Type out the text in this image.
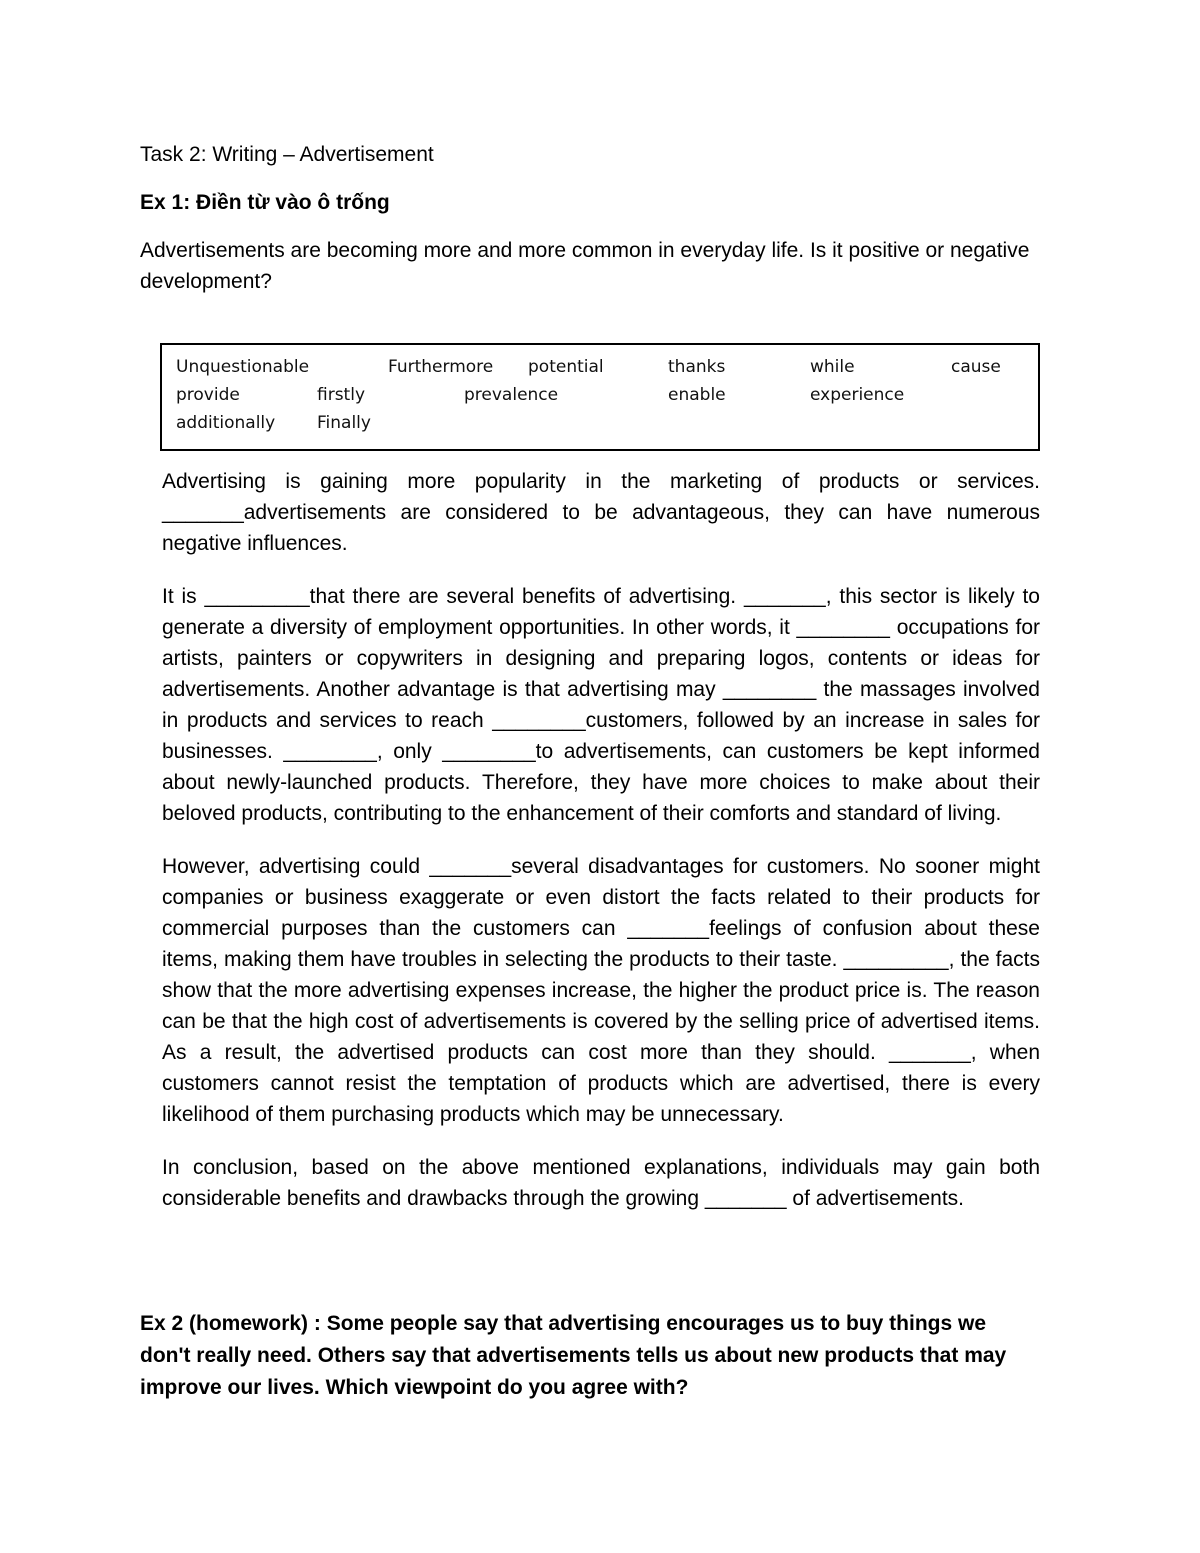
Task 2: Writing – Advertisement
Ex 1: Điền từ vào ô trống
Advertisements are becoming more and more common in everyday life. Is it positive or negative development?
Unquestionable	Furthermore potential	thanks	while	cause
provide	firstly	prevalence	enable	experience
additionally Finally

Advertising is gaining more popularity in the marketing of products or services. _______advertisements are considered to be advantageous, they can have numerous negative influences.

It is _________that there are several benefits of advertising. _______, this sector is likely to generate a diversity of employment opportunities. In other words, it ________ occupations for artists, painters or copywriters in designing and preparing logos, contents or ideas for advertisements. Another advantage is that advertising may ________ the massages involved in products and services to reach ________customers, followed by an increase in sales for businesses. ________, only ________to advertisements, can customers be kept informed about newly-launched products. Therefore, they have more choices to make about their beloved products, contributing to the enhancement of their comforts and standard of living.

However, advertising could _______several disadvantages for customers. No sooner might companies or business exaggerate or even distort the facts related to their products for commercial purposes than the customers can _______feelings of confusion about these items, making them have troubles in selecting the products to their taste. _________, the facts show that the more advertising expenses increase, the higher the product price is. The reason can be that the high cost of advertisements is covered by the selling price of advertised items. As a result, the advertised products can cost more than they should. _______, when customers cannot resist the temptation of products which are advertised, there is every likelihood of them purchasing products which may be unnecessary.

In conclusion, based on the above mentioned explanations, individuals may gain both considerable benefits and drawbacks through the growing _______ of advertisements.

Ex 2 (homework) : Some people say that advertising encourages us to buy things we don't really need. Others say that advertisements tells us about new products that may improve our lives. Which viewpoint do you agree with?
